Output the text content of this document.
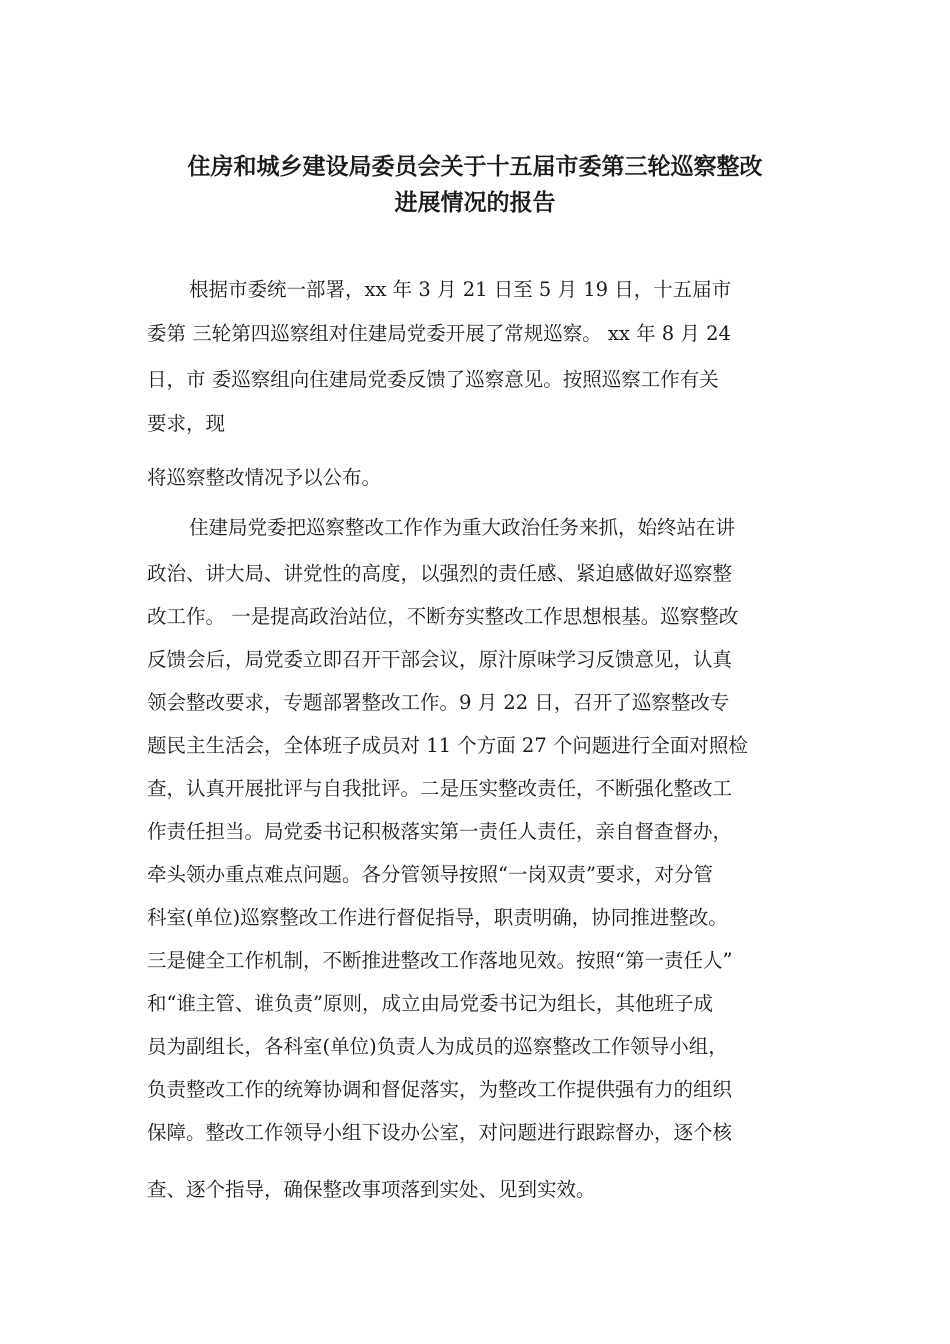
住房和城乡建设局委员会关于十五届市委第三轮巡察整改
进展情况的报告
根据市委统一部署，xx 年 3 月 21 日至 5 月 19 日，十五届市
委第 三轮第四巡察组对住建局党委开展了常规巡察。 xx 年 8 月 24
日，市 委巡察组向住建局党委反馈了巡察意见。按照巡察工作有关
要求，现
将巡察整改情况予以公布。
住建局党委把巡察整改工作作为重大政治任务来抓，始终站在讲
政治、讲大局、讲党性的高度，以强烈的责任感、紧迫感做好巡察整
改工作。 一是提高政治站位，不断夯实整改工作思想根基。巡察整改
反馈会后，局党委立即召开干部会议，原汁原味学习反馈意见，认真
领会整改要求，专题部署整改工作。9 月 22 日，召开了巡察整改专
题民主生活会，全体班子成员对 11 个方面 27 个问题进行全面对照检
查，认真开展批评与自我批评。二是压实整改责任，不断强化整改工
作责任担当。局党委书记积极落实第一责任人责任，亲自督查督办，
牵头领办重点难点问题。各分管领导按照“一岗双责”要求，对分管
科室(单位)巡察整改工作进行督促指导，职责明确，协同推进整改。
三是健全工作机制，不断推进整改工作落地见效。按照“第一责任人”
和“谁主管、谁负责”原则，成立由局党委书记为组长，其他班子成
员为副组长，各科室(单位)负责人为成员的巡察整改工作领导小组，
负责整改工作的统筹协调和督促落实，为整改工作提供强有力的组织
保障。整改工作领导小组下设办公室，对问题进行跟踪督办，逐个核
查、逐个指导，确保整改事项落到实处、见到实效。
